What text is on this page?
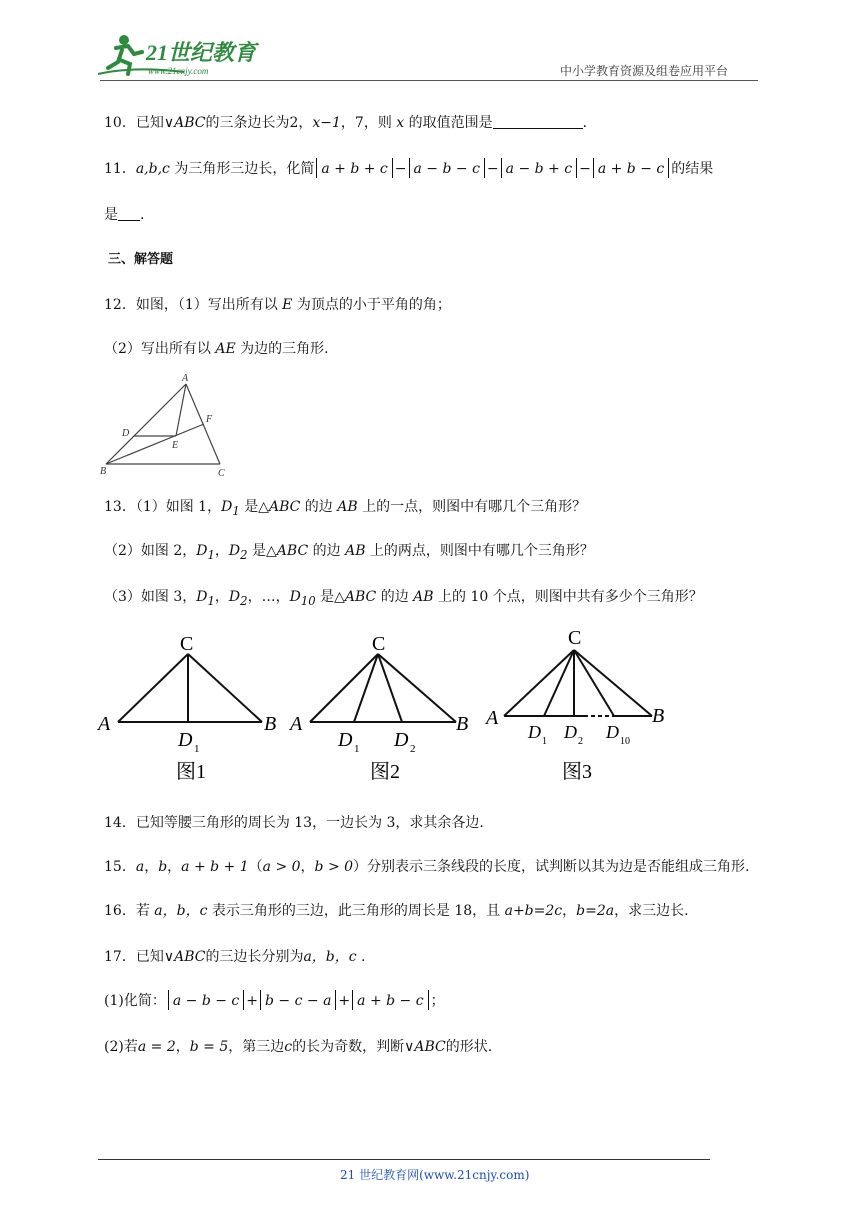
21世纪教育
www.21cnjy.com	中小学教育资源及组卷应用平台
10．已知∨ABC的三条边长为2，x−1，7，则 x 的取值范围是	．
11．a,b,c 为三角形三边长，化简 a + b + c − a − b − c − a − b + c − a + b − c 的结果
是 .
三、解答题
12．如图，（1）写出所有以 E 为顶点的小于平角的角；
（2）写出所有以 AE 为边的三角形.
A
B	C
D
E
F
13．（1）如图 1，$D_1$ 是△ABC 的边 AB 上的一点，则图中有哪几个三角形？
（2）如图 2，$D_1$，$D_2$ 是△ABC 的边 AB 上的两点，则图中有哪几个三角形？
（3）如图 3，$D_1$，$D_2$，…，$D_{10}$ 是△ABC 的边 AB 上的 10 个点，则图中共有多少个三角形？
C
A	B
D 1
图1
C
A	B
D 1 D 2
图2
C
A	B
D 1 D 2 D 10
图3
14．已知等腰三角形的周长为 13，一边长为 3，求其余各边.
15．a，b，a + b + 1（a > 0，b > 0）分别表示三条线段的长度，试判断以其为边是否能组成三角形.
16．若 a，b，c 表示三角形的三边，此三角形的周长是 18，且 a+b=2c，b=2a，求三边长.
17．已知∨ABC的三边长分别为a，b，c .
(1)化简： a − b − c + b − c − a + a + b − c ；
(2)若a = 2，b = 5，第三边c的长为奇数，判断∨ABC的形状.
21 世纪教育网(www.21cnjy.com)
